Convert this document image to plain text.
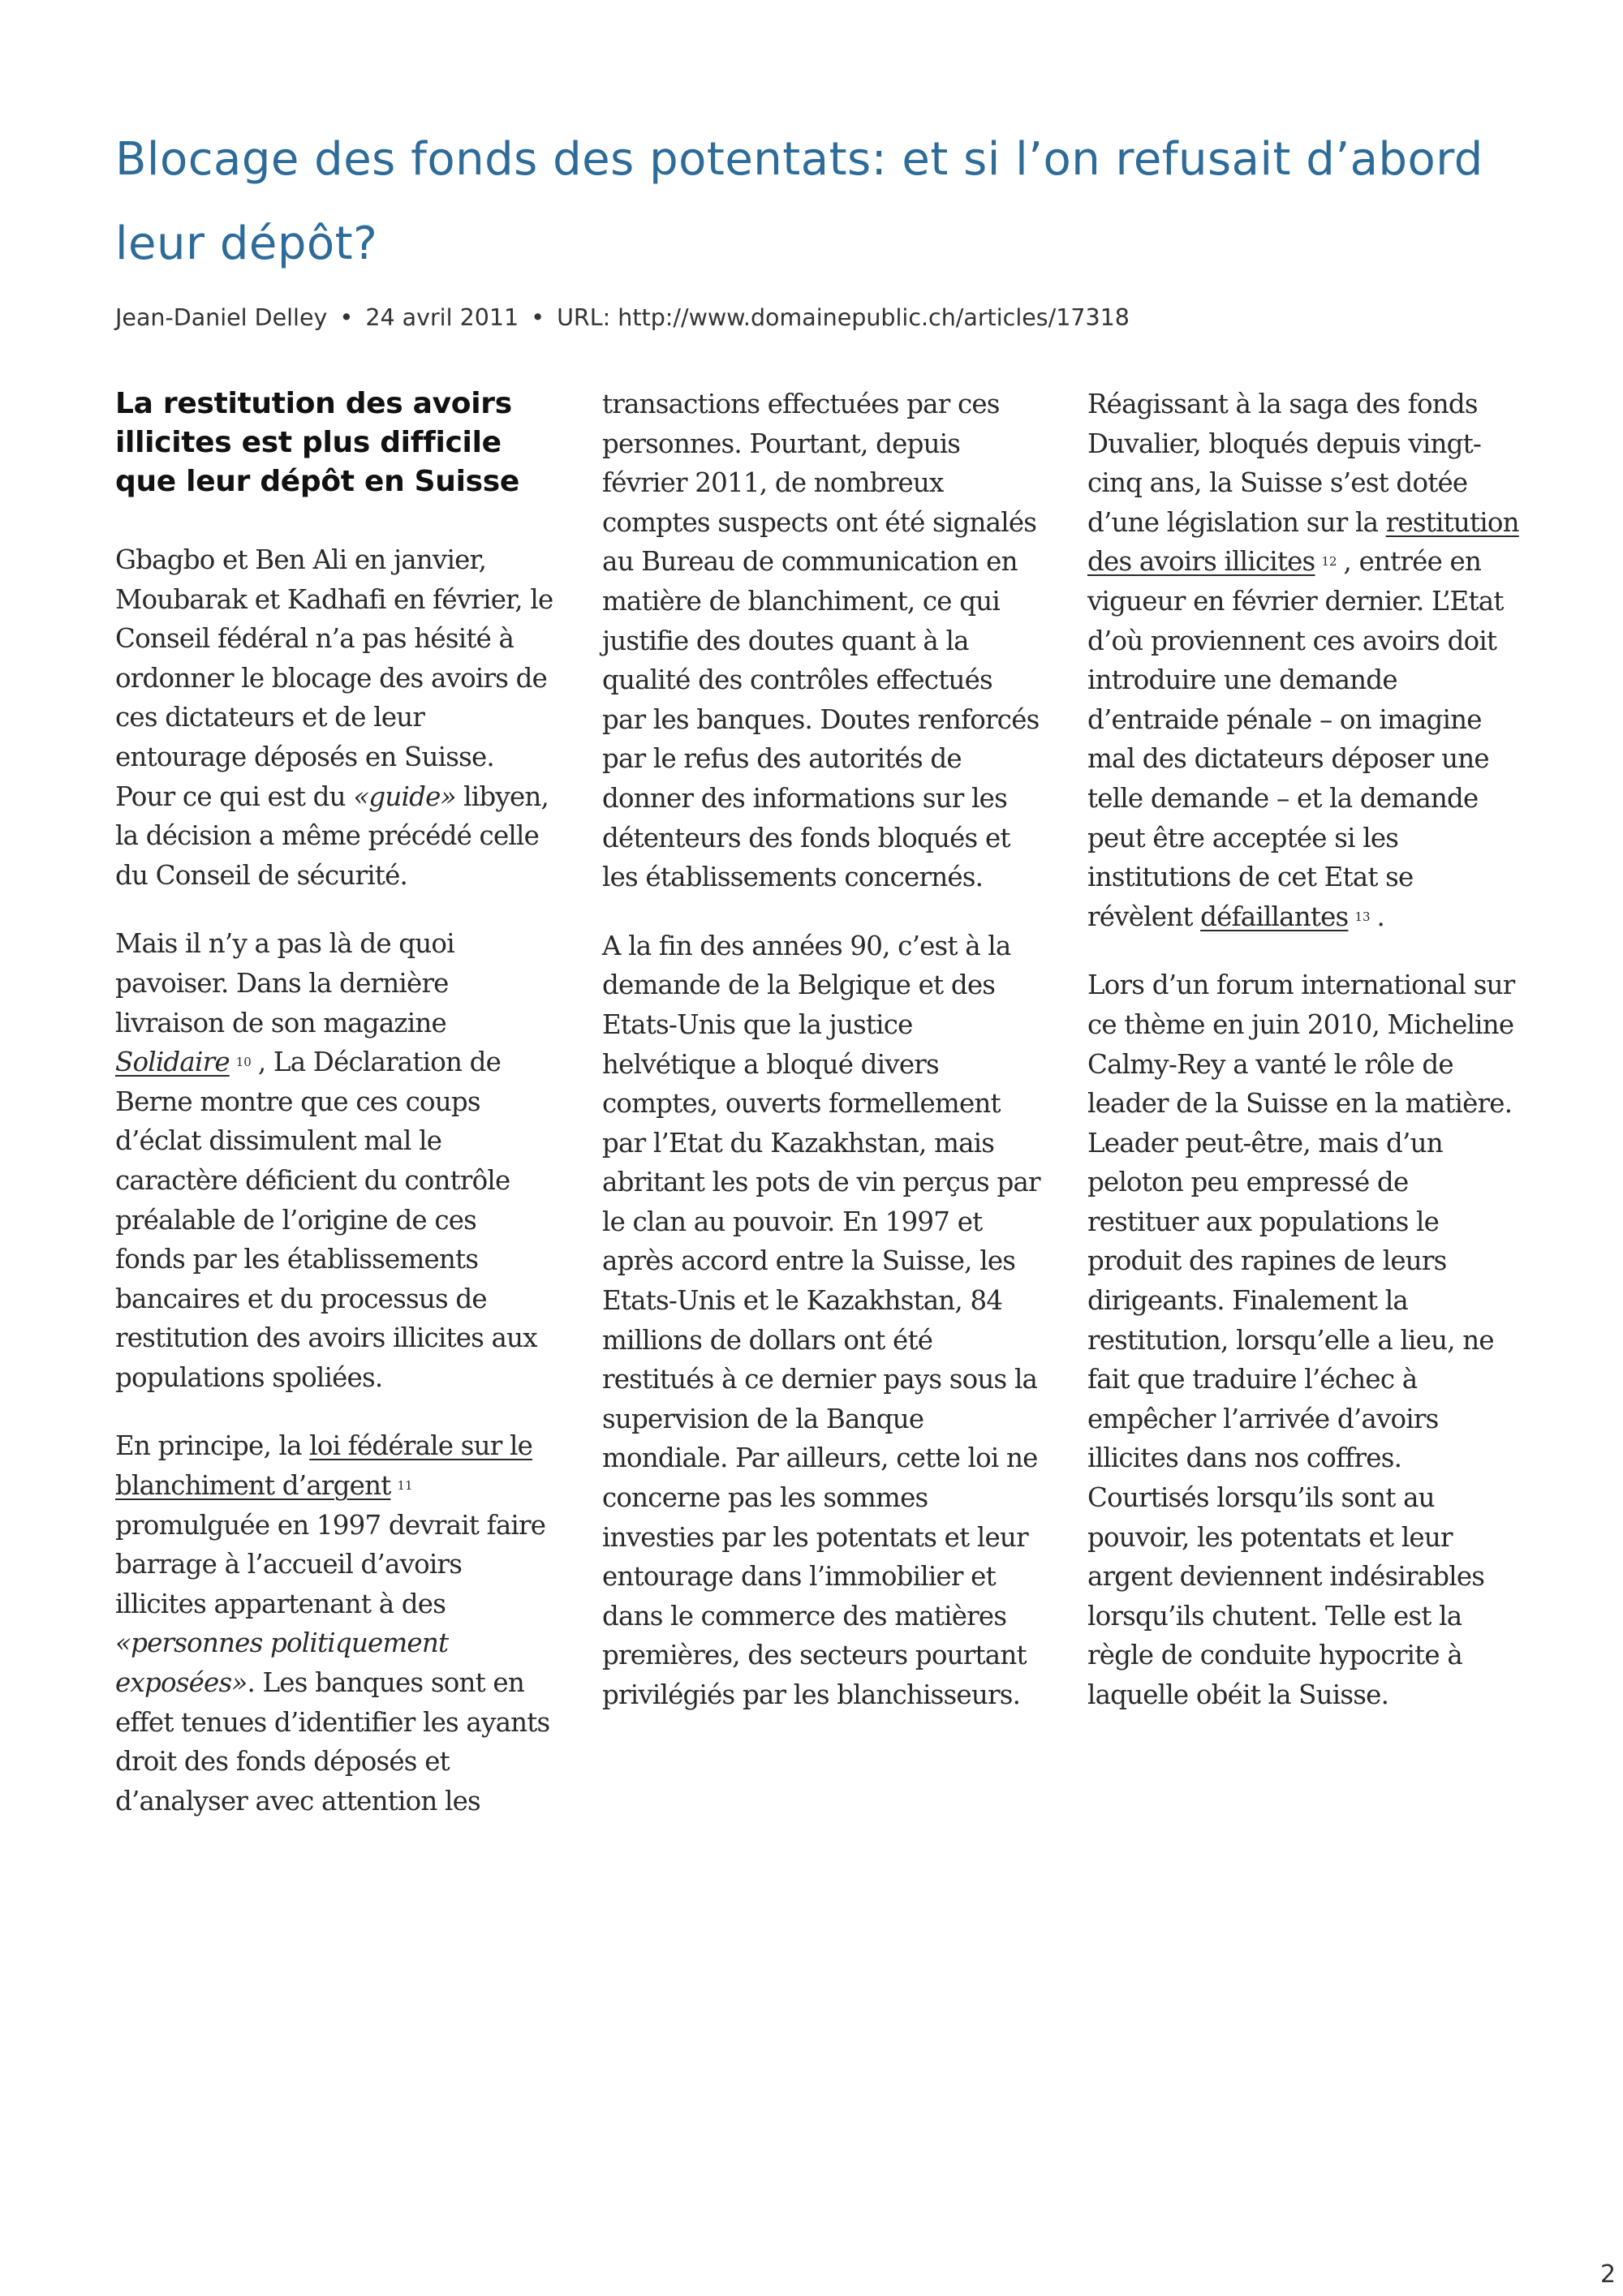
Blocage des fonds des potentats: et si l’on refusait d’abord leur dépôt?
Jean-Daniel Delley • 24 avril 2011 • URL: http://www.domainepublic.ch/articles/17318
La restitution des avoirs illicites est plus difficile que leur dépôt en Suisse

Gbagbo et Ben Ali en janvier, Moubarak et Kadhafi en février, le Conseil fédéral n’a pas hésité à ordonner le blocage des avoirs de ces dictateurs et de leur entourage déposés en Suisse. Pour ce qui est du «guide» libyen, la décision a même précédé celle du Conseil de sécurité.

Mais il n’y a pas là de quoi pavoiser. Dans la dernière livraison de son magazine Solidaire $^{10}$ , La Déclaration de Berne montre que ces coups d’éclat dissimulent mal le caractère déficient du contrôle préalable de l’origine de ces fonds par les établissements bancaires et du processus de restitution des avoirs illicites aux populations spoliées.

En principe, la loi fédérale sur le blanchiment d’argent $^{11}$ promulguée en 1997 devrait faire barrage à l’accueil d’avoirs illicites appartenant à des «personnes politiquement exposées». Les banques sont en effet tenues d’identifier les ayants droit des fonds déposés et d’analyser avec attention les

transactions effectuées par ces personnes. Pourtant, depuis février 2011, de nombreux comptes suspects ont été signalés au Bureau de communication en matière de blanchiment, ce qui justifie des doutes quant à la qualité des contrôles effectués par les banques. Doutes renforcés par le refus des autorités de donner des informations sur les détenteurs des fonds bloqués et les établissements concernés.

A la fin des années 90, c’est à la demande de la Belgique et des Etats-Unis que la justice helvétique a bloqué divers comptes, ouverts formellement par l’Etat du Kazakhstan, mais abritant les pots de vin perçus par le clan au pouvoir. En 1997 et après accord entre la Suisse, les Etats-Unis et le Kazakhstan, 84 millions de dollars ont été restitués à ce dernier pays sous la supervision de la Banque mondiale. Par ailleurs, cette loi ne concerne pas les sommes investies par les potentats et leur entourage dans l’immobilier et dans le commerce des matières premières, des secteurs pourtant privilégiés par les blanchisseurs.

Réagissant à la saga des fonds Duvalier, bloqués depuis vingt-cinq ans, la Suisse s’est dotée d’une législation sur la restitution des avoirs illicites $^{12}$ , entrée en vigueur en février dernier. L’Etat d’où proviennent ces avoirs doit introduire une demande d’entraide pénale – on imagine mal des dictateurs déposer une telle demande – et la demande peut être acceptée si les institutions de cet Etat se révèlent défaillantes $^{13}$ .

Lors d’un forum international sur ce thème en juin 2010, Micheline Calmy-Rey a vanté le rôle de leader de la Suisse en la matière. Leader peut-être, mais d’un peloton peu empressé de restituer aux populations le produit des rapines de leurs dirigeants. Finalement la restitution, lorsqu’elle a lieu, ne fait que traduire l’échec à empêcher l’arrivée d’avoirs illicites dans nos coffres. Courtisés lorsqu’ils sont au pouvoir, les potentats et leur argent deviennent indésirables lorsqu’ils chutent. Telle est la règle de conduite hypocrite à laquelle obéit la Suisse.

2
